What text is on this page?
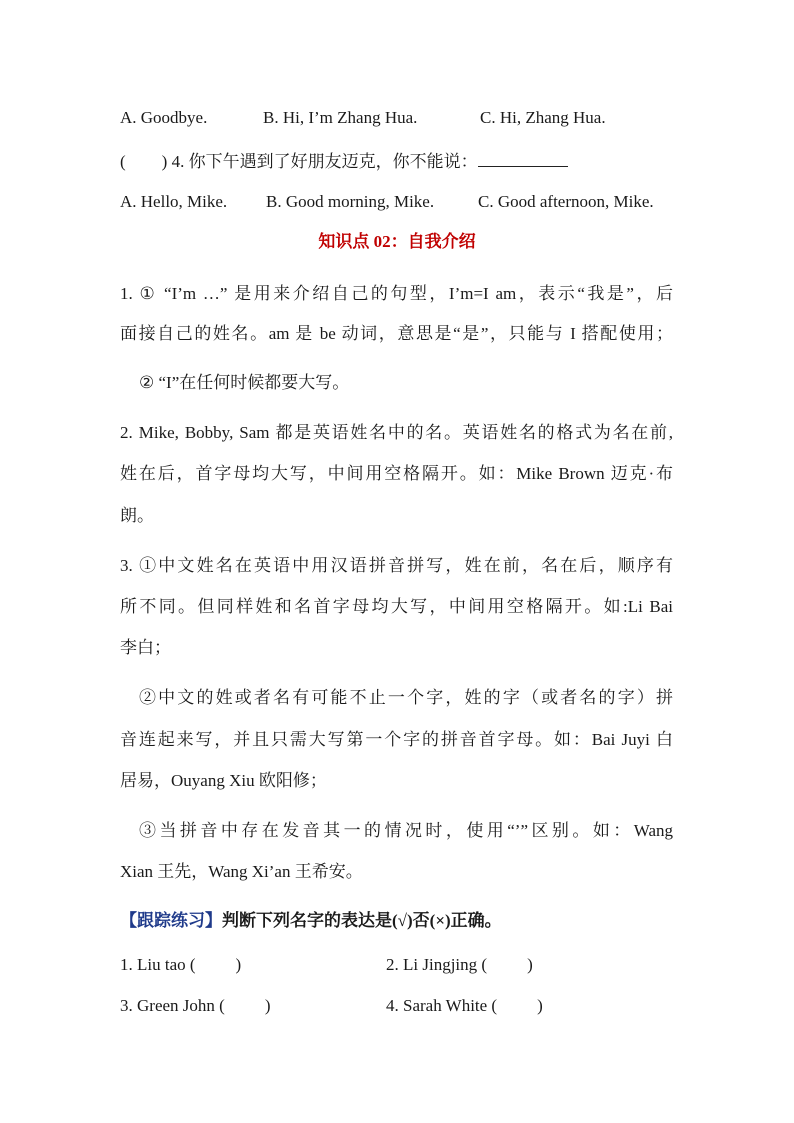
A. Goodbye.	B. Hi, I’m Zhang Hua.	C. Hi, Zhang Hua.
( ) 4. 你下午遇到了好朋友迈克，你不能说：
A. Hello, Mike. B. Good morning, Mike.	C. Good afternoon, Mike.
知识点 02：自我介绍
1. ① “I’m …” 是用来介绍自己的句型，I’m=I am，表示“我是”，后
面接自己的姓名。am 是 be 动词，意思是“是”，只能与 I 搭配使用；
② “I”在任何时候都要大写。
2. Mike, Bobby, Sam 都是英语姓名中的名。英语姓名的格式为名在前,
姓在后，首字母均大写，中间用空格隔开。如：Mike Brown 迈克·布
朗。
3. ①中文姓名在英语中用汉语拼音拼写，姓在前，名在后，顺序有
所不同。但同样姓和名首字母均大写，中间用空格隔开。如:Li Bai
李白；
②中文的姓或者名有可能不止一个字，姓的字（或者名的字）拼
音连起来写，并且只需大写第一个字的拼音首字母。如：Bai Juyi 白
居易，Ouyang Xiu 欧阳修；
③当拼音中存在发音其一的情况时，使用“’”区别。如：Wang
Xian 王先，Wang Xi’an 王希安。
【跟踪练习】判断下列名字的表达是(√)否(×)正确。
1. Liu tao ( )	2. Li Jingjing ( )
3. Green John ( )	4. Sarah White ( )
